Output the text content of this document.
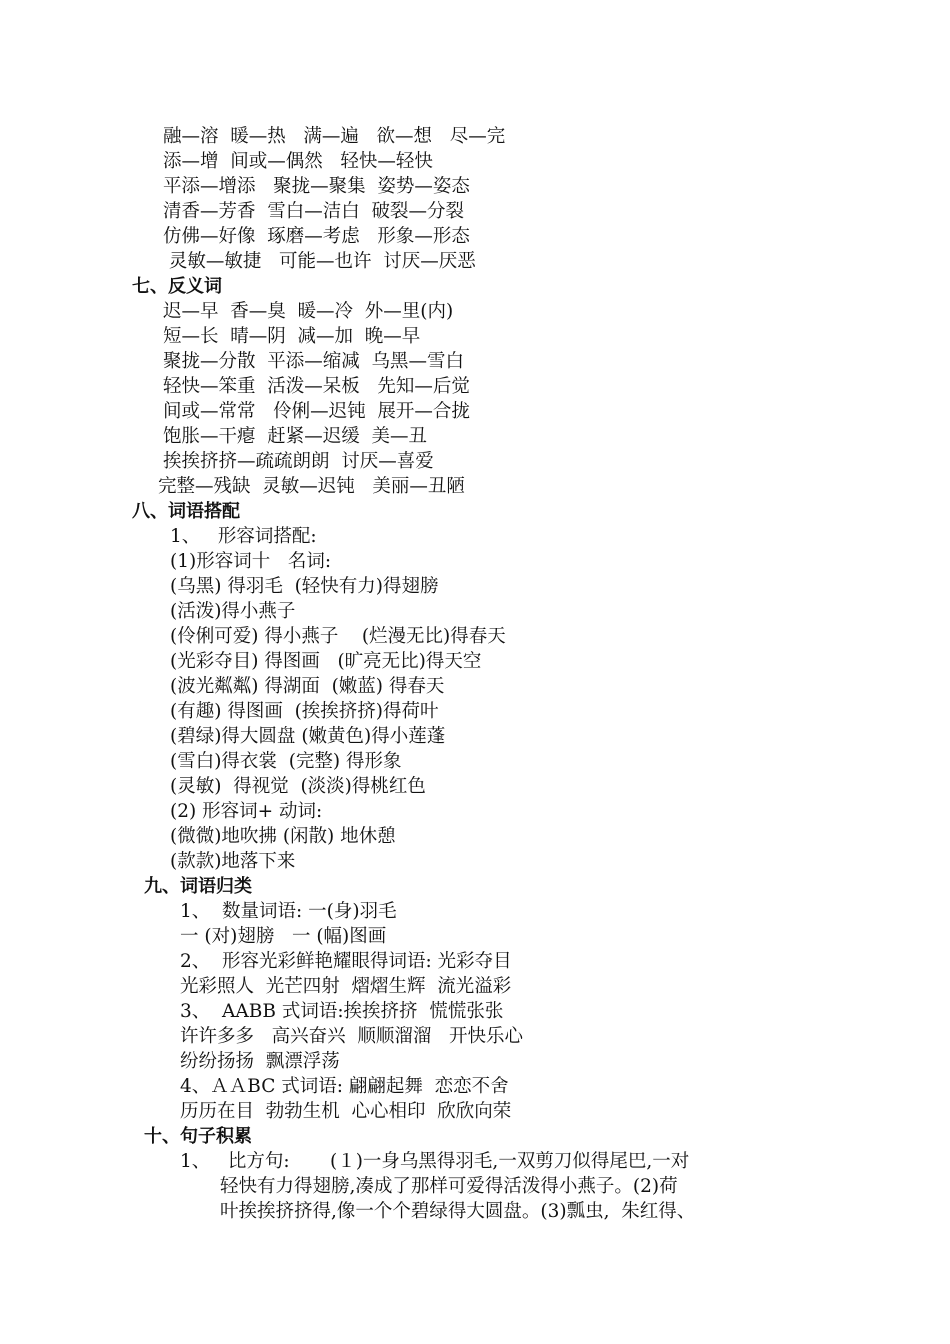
融—溶  暖—热   满—遍   欲—想   尽—完
添—增  间或—偶然   轻快—轻快
平添—增添   聚拢—聚集  姿势—姿态
清香—芳香  雪白—洁白  破裂—分裂
仿佛—好像  琢磨—考虑   形象—形态
灵敏—敏捷   可能—也许  讨厌—厌恶
七、反义词
迟—早  香—臭  暖—冷  外—里(内)
短—长  晴—阴  减—加  晚—早
聚拢—分散  平添—缩减  乌黑—雪白
轻快—笨重  活泼—呆板   先知—后觉
间或—常常   伶俐—迟钝  展开—合拢
饱胀—干瘪  赶紧—迟缓  美—丑
挨挨挤挤—疏疏朗朗  讨厌—喜爱
完整—残缺  灵敏—迟钝   美丽—丑陋
八、词语搭配
1、   形容词搭配:
(1)形容词十   名词:
(乌黑) 得羽毛  (轻快有力)得翅膀
(活泼)得小燕子
(伶俐可爱) 得小燕子    (烂漫无比)得春天
(光彩夺目) 得图画   (旷亮无比)得天空
(波光粼粼) 得湖面  (嫩蓝) 得春天
(有趣) 得图画  (挨挨挤挤)得荷叶
(碧绿)得大圆盘 (嫩黄色)得小莲蓬
(雪白)得衣裳  (完整) 得形象
(灵敏)  得视觉  (淡淡)得桃红色
(2) 形容词+ 动词:
(微微)地吹拂 (闲散) 地休憩
(款款)地落下来
九、词语归类
1、  数量词语: 一(身)羽毛
一 (对)翅膀   一 (幅)图画
2、  形容光彩鲜艳耀眼得词语: 光彩夺目
光彩照人  光芒四射  熠熠生辉  流光溢彩
3、  AABB 式词语:挨挨挤挤  慌慌张张
许许多多   高兴奋兴  顺顺溜溜   开快乐心
纷纷扬扬  飘漂浮荡
4、ＡＡBC 式词语: 翩翩起舞  恋恋不舍
历历在目  勃勃生机  心心相印  欣欣向荣
十、句子积累
1、   比方句: (１)一身乌黑得羽毛,一双剪刀似得尾巴,一对
轻快有力得翅膀,凑成了那样可爱得活泼得小燕子。(2)荷
叶挨挨挤挤得,像一个个碧绿得大圆盘。(3)瓢虫,  朱红得、
